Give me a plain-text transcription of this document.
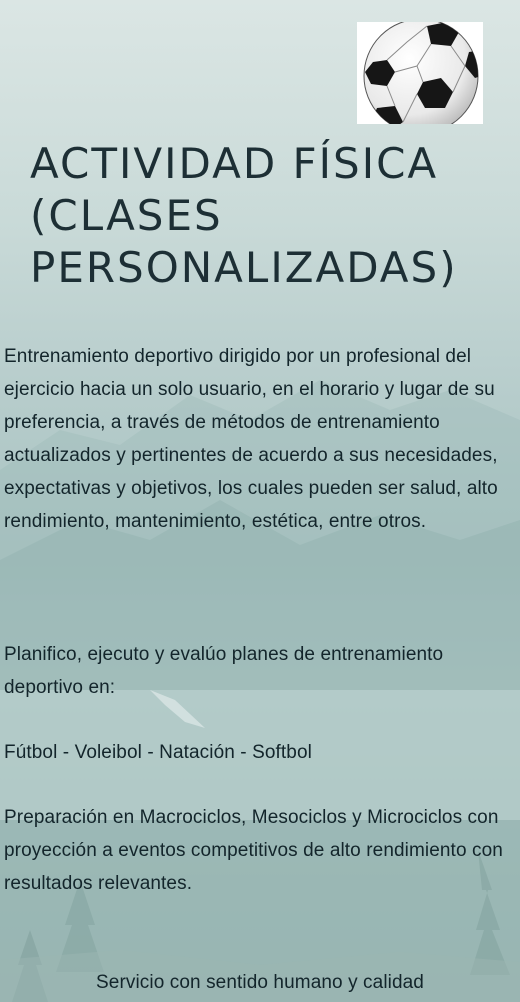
ACTIVIDAD FÍSICA
(CLASES
PERSONALIZADAS)

Entrenamiento deportivo dirigido por un profesional del ejercicio hacia un solo usuario, en el horario y lugar de su preferencia, a través de métodos de entrenamiento actualizados y pertinentes de acuerdo a sus necesidades, expectativas y objetivos, los cuales pueden ser salud, alto rendimiento, mantenimiento, estética, entre otros.

Planifico, ejecuto y evalúo planes de entrenamiento deportivo en:

Fútbol - Voleibol - Natación - Softbol

Preparación en Macrociclos, Mesociclos y Microciclos con proyección a eventos competitivos de alto rendimiento con resultados relevantes.

Servicio con sentido humano y calidad
